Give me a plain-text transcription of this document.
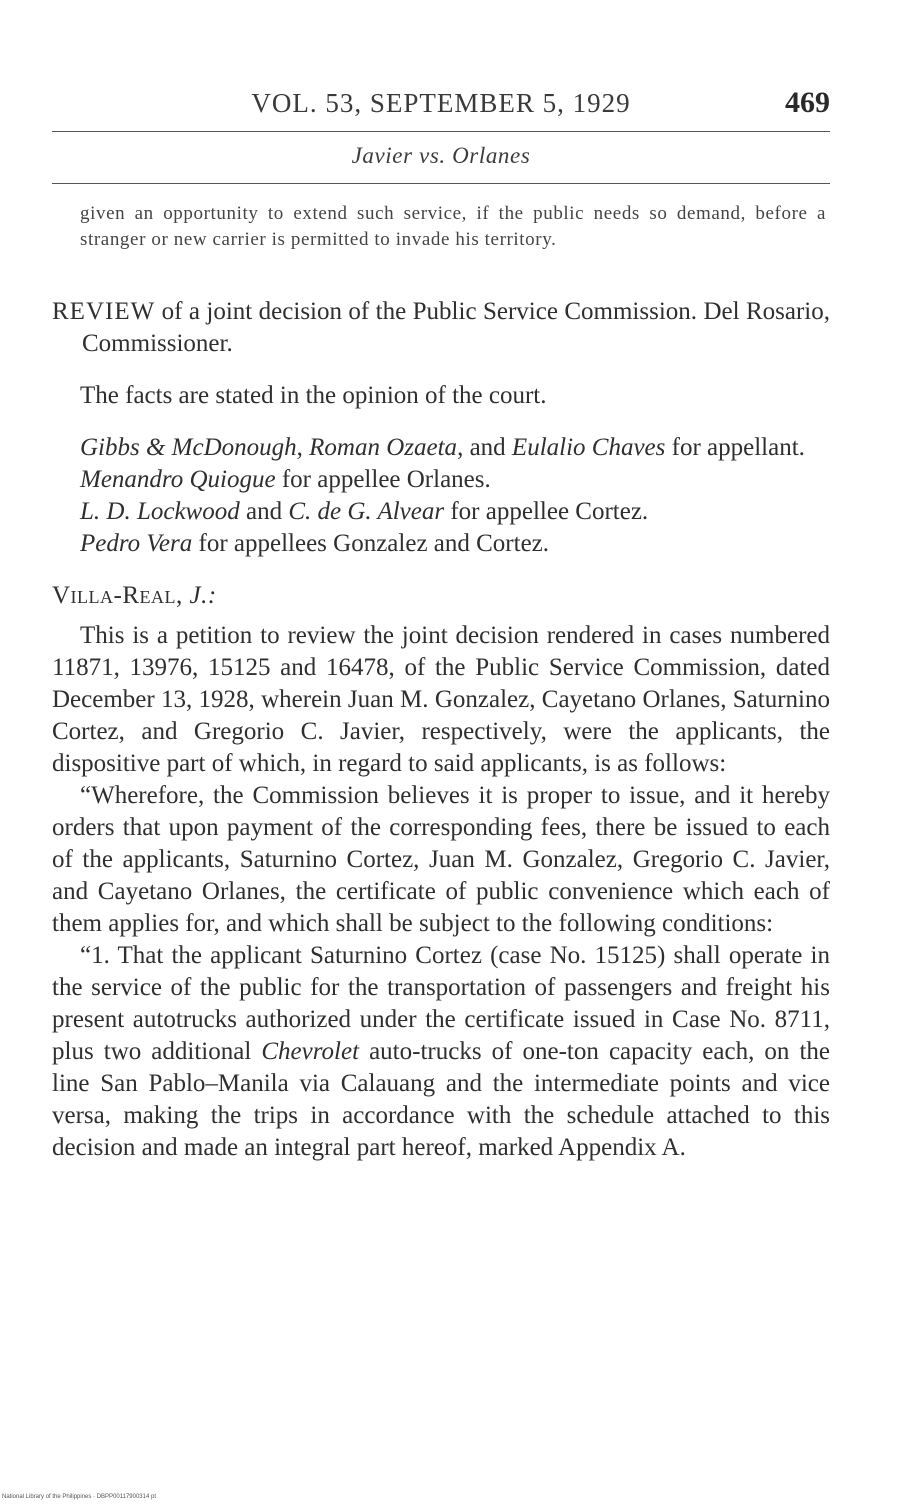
VOL. 53, SEPTEMBER 5, 1929	469
Javier vs. Orlanes
given an opportunity to extend such service, if the public needs so demand, before a stranger or new carrier is permitted to invade his territory.

REVIEW of a joint decision of the Public Service Commission. Del Rosario, Commissioner.

The facts are stated in the opinion of the court.

Gibbs & McDonough, Roman Ozaeta, and Eulalio Chaves for appellant.

Menandro Quiogue for appellee Orlanes.

L. D. Lockwood and C. de G. Alvear for appellee Cortez.

Pedro Vera for appellees Gonzalez and Cortez.

Villa-Real, J.:

This is a petition to review the joint decision rendered in cases numbered 11871, 13976, 15125 and 16478, of the Public Service Commission, dated December 13, 1928, wherein Juan M. Gonzalez, Cayetano Orlanes, Saturnino Cortez, and Gregorio C. Javier, respectively, were the applicants, the dispositive part of which, in regard to said applicants, is as follows:

“Wherefore, the Commission believes it is proper to issue, and it hereby orders that upon payment of the corresponding fees, there be issued to each of the applicants, Saturnino Cortez, Juan M. Gonzalez, Gregorio C. Javier, and Cayetano Orlanes, the certificate of public convenience which each of them applies for, and which shall be subject to the following conditions:

“1. That the applicant Saturnino Cortez (case No. 15125) shall operate in the service of the public for the transportation of passengers and freight his present autotrucks authorized under the certificate issued in Case No. 8711, plus two additional Chevrolet auto-trucks of one-ton capacity each, on the line San Pablo–Manila via Calauang and the intermediate points and vice versa, making the trips in accordance with the schedule attached to this decision and made an integral part hereof, marked Appendix A.

National Library of the Philippines · DBPP00117900314 pt
